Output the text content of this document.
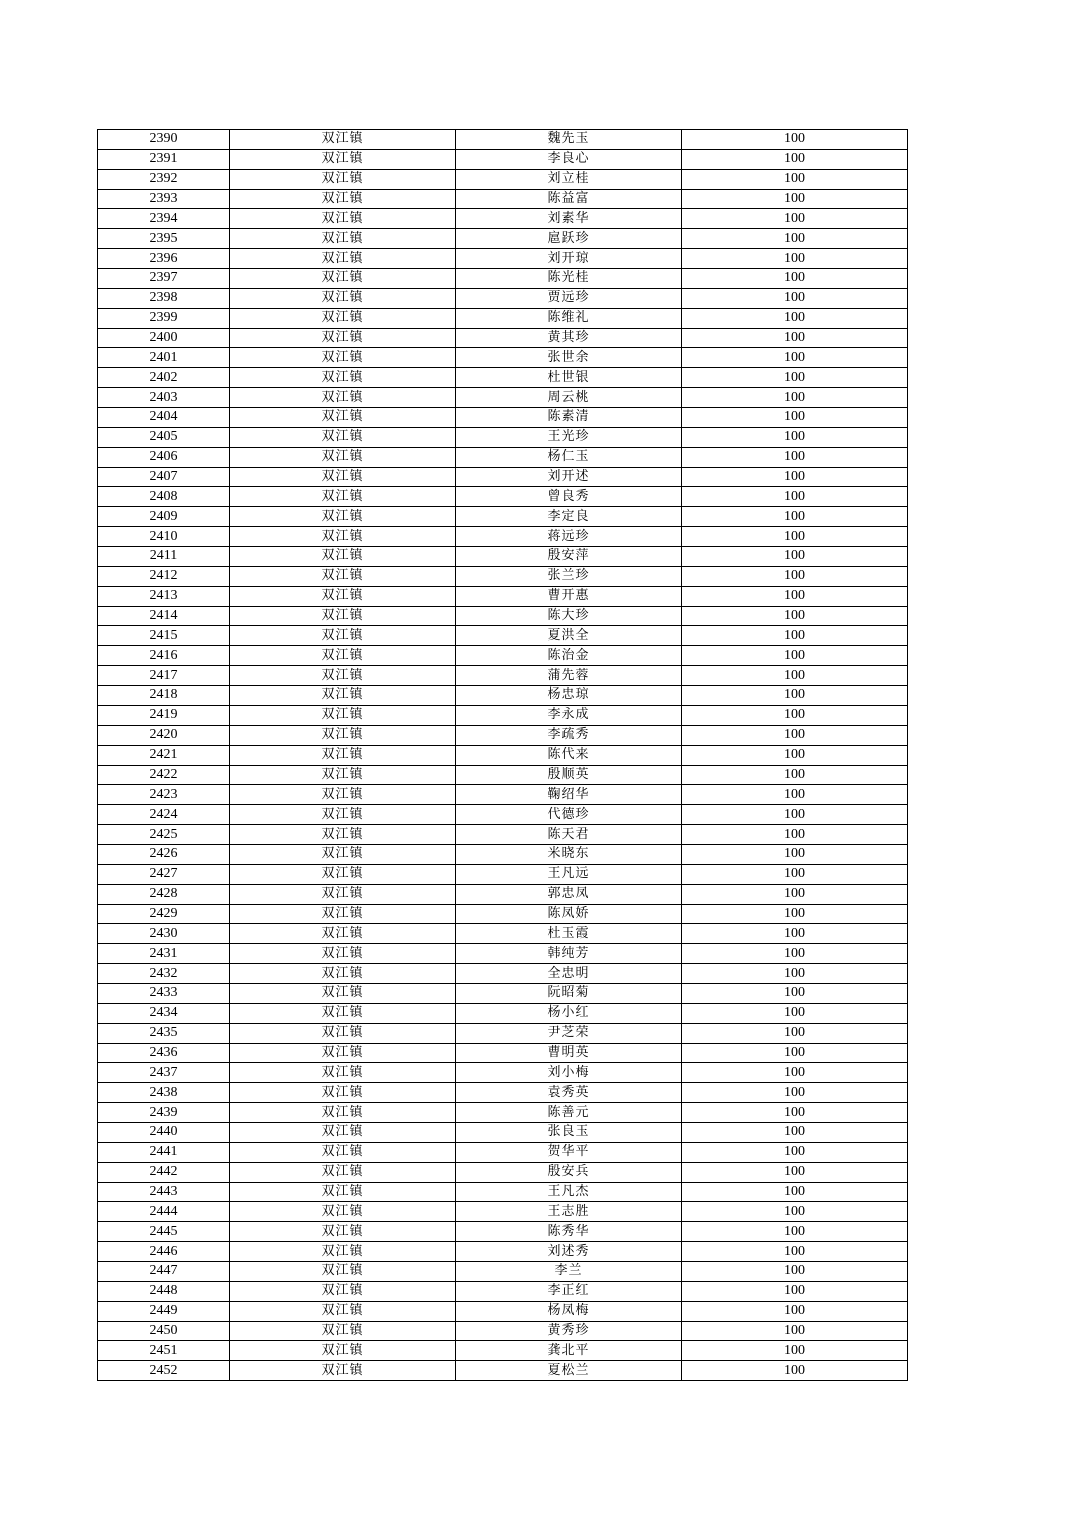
2390	双江镇	魏先玉	100
2391	双江镇	李良心	100
2392	双江镇	刘立桂	100
2393	双江镇	陈益富	100
2394	双江镇	刘素华	100
2395	双江镇	扈跃珍	100
2396	双江镇	刘开琼	100
2397	双江镇	陈光桂	100
2398	双江镇	贾远珍	100
2399	双江镇	陈维礼	100
2400	双江镇	黄其珍	100
2401	双江镇	张世余	100
2402	双江镇	杜世银	100
2403	双江镇	周云桃	100
2404	双江镇	陈素清	100
2405	双江镇	王光珍	100
2406	双江镇	杨仁玉	100
2407	双江镇	刘开述	100
2408	双江镇	曾良秀	100
2409	双江镇	李定良	100
2410	双江镇	蒋远珍	100
2411	双江镇	殷安萍	100
2412	双江镇	张兰珍	100
2413	双江镇	曹开惠	100
2414	双江镇	陈大珍	100
2415	双江镇	夏洪全	100
2416	双江镇	陈治金	100
2417	双江镇	蒲先蓉	100
2418	双江镇	杨忠琼	100
2419	双江镇	李永成	100
2420	双江镇	李疏秀	100
2421	双江镇	陈代来	100
2422	双江镇	殷顺英	100
2423	双江镇	鞠绍华	100
2424	双江镇	代德珍	100
2425	双江镇	陈天君	100
2426	双江镇	米晓东	100
2427	双江镇	王凡远	100
2428	双江镇	郭忠凤	100
2429	双江镇	陈凤娇	100
2430	双江镇	杜玉霞	100
2431	双江镇	韩纯芳	100
2432	双江镇	全忠明	100
2433	双江镇	阮昭菊	100
2434	双江镇	杨小红	100
2435	双江镇	尹芝荣	100
2436	双江镇	曹明英	100
2437	双江镇	刘小梅	100
2438	双江镇	袁秀英	100
2439	双江镇	陈善元	100
2440	双江镇	张良玉	100
2441	双江镇	贺华平	100
2442	双江镇	殷安兵	100
2443	双江镇	王凡杰	100
2444	双江镇	王志胜	100
2445	双江镇	陈秀华	100
2446	双江镇	刘述秀	100
2447	双江镇	李兰	100
2448	双江镇	李正红	100
2449	双江镇	杨凤梅	100
2450	双江镇	黄秀珍	100
2451	双江镇	龚北平	100
2452	双江镇	夏松兰	100
